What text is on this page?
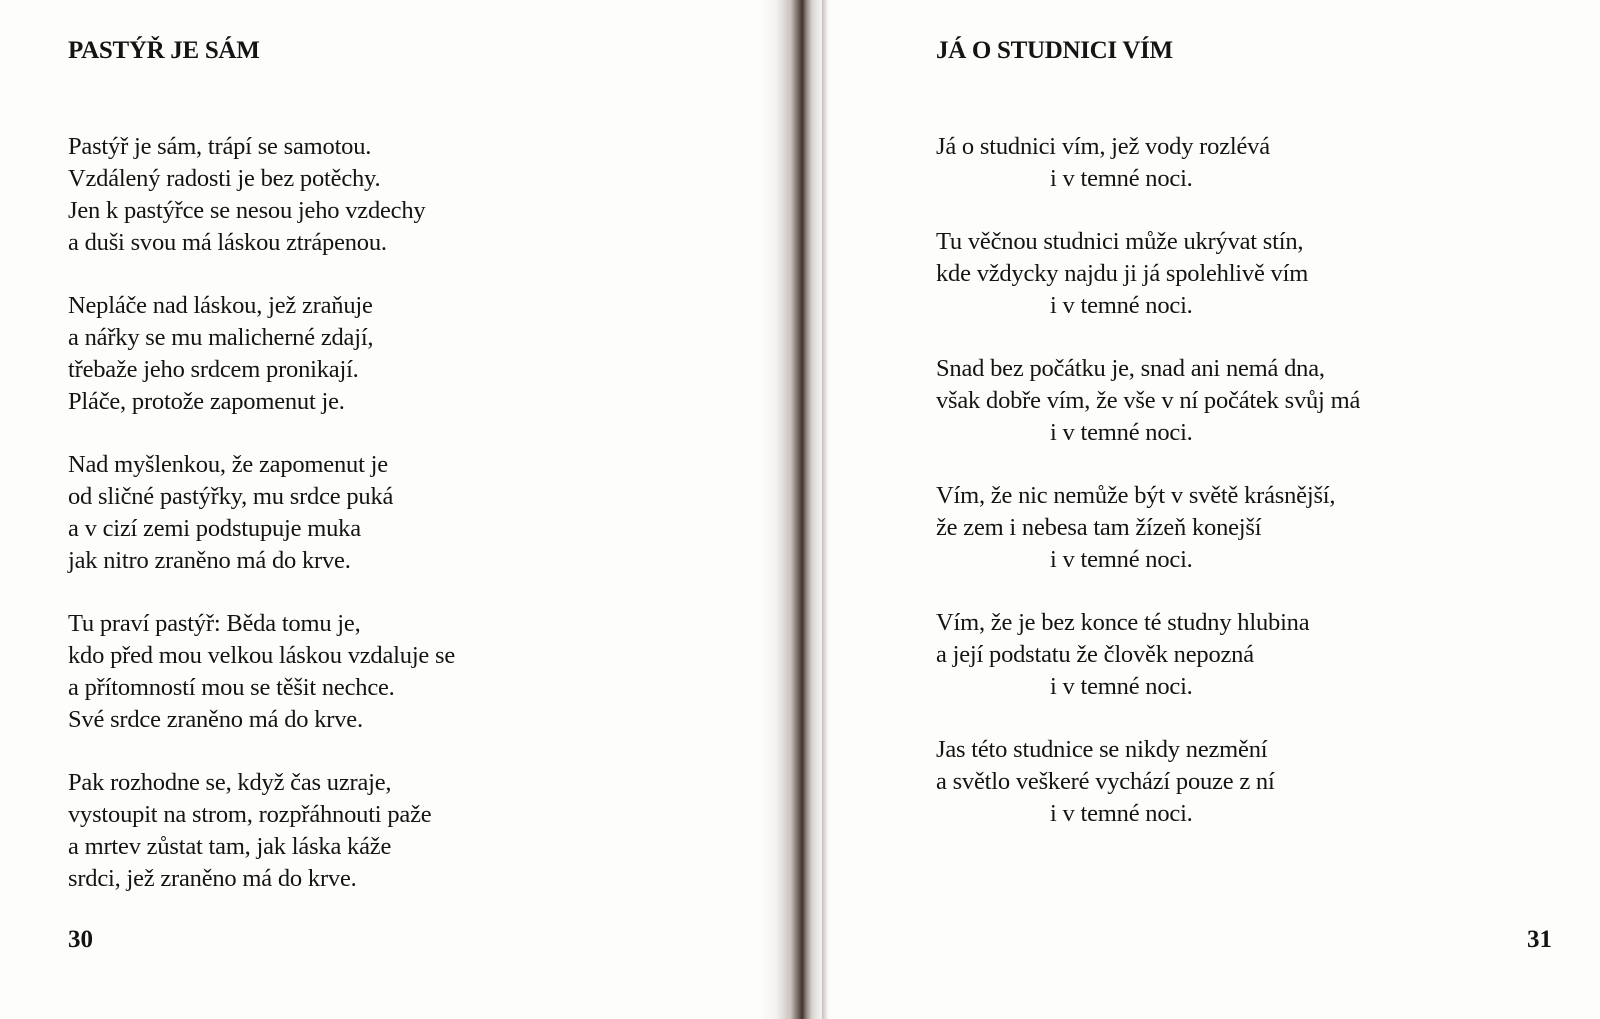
PASTÝŘ JE SÁM
Pastýř je sám, trápí se samotou.
Vzdálený radosti je bez potěchy.
Jen k pastýřce se nesou jeho vzdechy
a duši svou má láskou ztrápenou.
Nepláče nad láskou, jež zraňuje
a nářky se mu malicherné zdají,
třebaže jeho srdcem pronikají.
Pláče, protože zapomenut je.
Nad myšlenkou, že zapomenut je
od sličné pastýřky, mu srdce puká
a v cizí zemi podstupuje muka
jak nitro zraněno má do krve.
Tu praví pastýř: Běda tomu je,
kdo před mou velkou láskou vzdaluje se
a přítomností mou se těšit nechce.
Své srdce zraněno má do krve.
Pak rozhodne se, když čas uzraje,
vystoupit na strom, rozpřáhnouti paže
a mrtev zůstat tam, jak láska káže
srdci, jež zraněno má do krve.
30
JÁ O STUDNICI VÍM
Já o studnici vím, jež vody rozlévá
i v temné noci.
Tu věčnou studnici může ukrývat stín,
kde vždycky najdu ji já spolehlivě vím
i v temné noci.
Snad bez počátku je, snad ani nemá dna,
však dobře vím, že vše v ní počátek svůj má
i v temné noci.
Vím, že nic nemůže být v světě krásnější,
že zem i nebesa tam žízeň konejší
i v temné noci.
Vím, že je bez konce té studny hlubina
a její podstatu že člověk nepozná
i v temné noci.
Jas této studnice se nikdy nezmění
a světlo veškeré vychází pouze z ní
i v temné noci.
31
